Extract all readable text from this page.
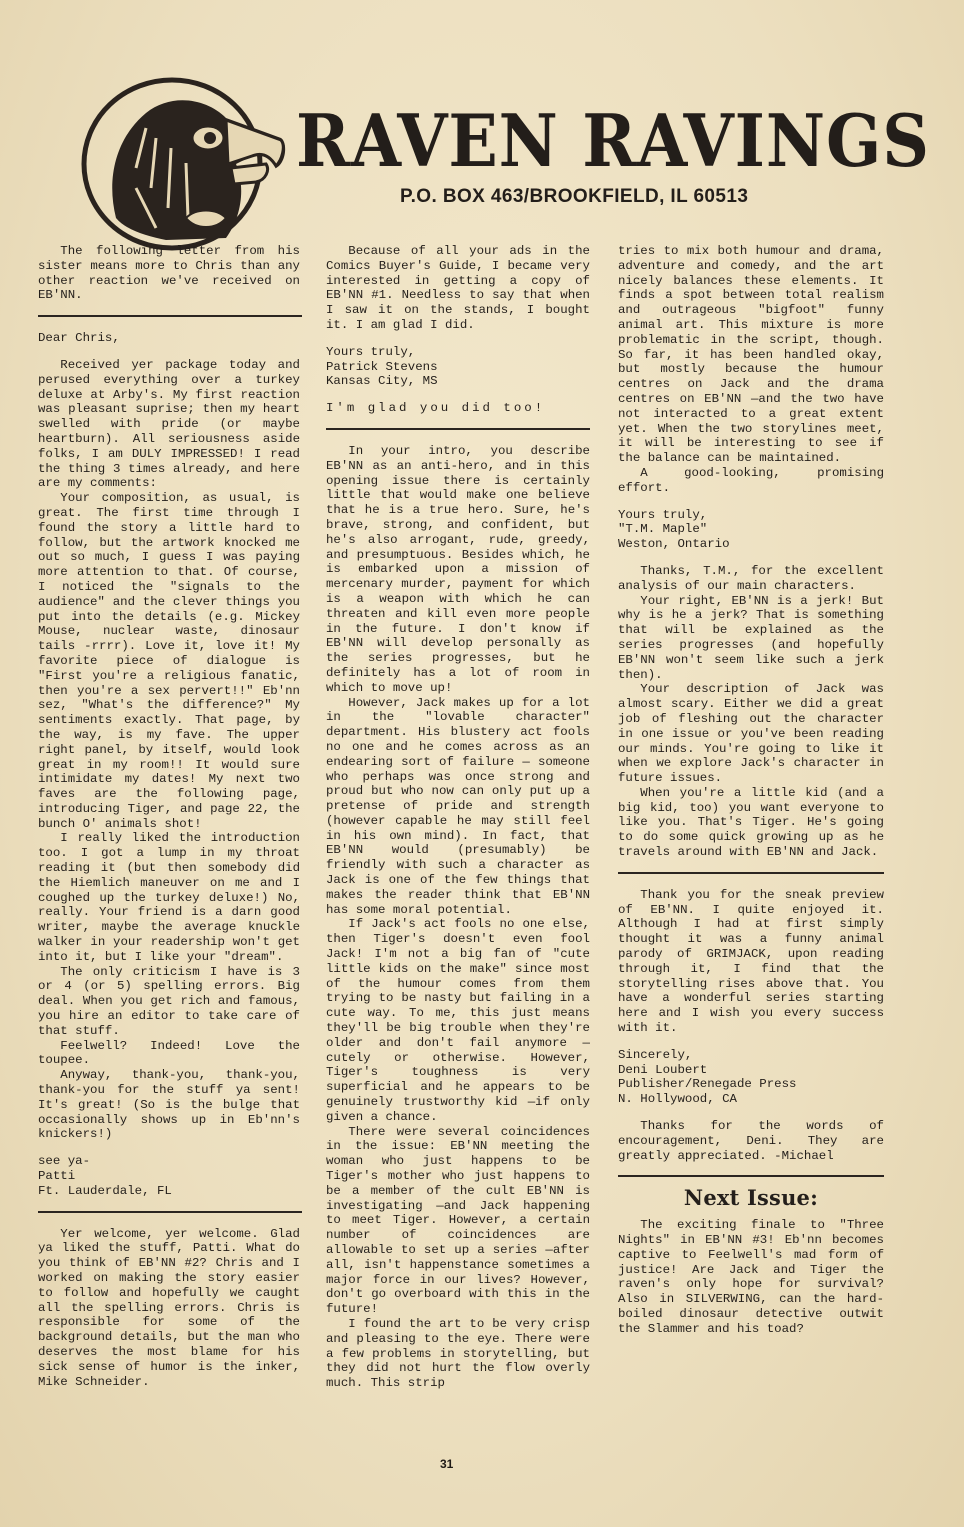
RAVEN RAVINGS
P.O. BOX 463/BROOKFIELD, IL 60513

The following letter from his sister means more to Chris than any other reaction we've received on EB'NN.

Dear Chris,

Received yer package today and perused everything over a turkey deluxe at Arby's. My first reaction was pleasant suprise; then my heart swelled with pride (or maybe heartburn). All seriousness aside folks, I am DULY IMPRESSED! I read the thing 3 times already, and here are my comments:

Your composition, as usual, is great. The first time through I found the story a little hard to follow, but the artwork knocked me out so much, I guess I was paying more attention to that. Of course, I noticed the "signals to the audience" and the clever things you put into the details (e.g. Mickey Mouse, nuclear waste, dinosaur tails -rrrr). Love it, love it! My favorite piece of dialogue is "First you're a religious fanatic, then you're a sex pervert!!" Eb'nn sez, "What's the difference?" My sentiments exactly. That page, by the way, is my fave. The upper right panel, by itself, would look great in my room!! It would sure intimidate my dates! My next two faves are the following page, introducing Tiger, and page 22, the bunch O' animals shot!

I really liked the introduction too. I got a lump in my throat reading it (but then somebody did the Hiemlich maneuver on me and I coughed up the turkey deluxe!) No, really. Your friend is a darn good writer, maybe the average knuckle walker in your readership won't get into it, but I like your "dream".

The only criticism I have is 3 or 4 (or 5) spelling errors. Big deal. When you get rich and famous, you hire an editor to take care of that stuff.

Feelwell? Indeed! Love the toupee.

Anyway, thank-you, thank-you, thank-you for the stuff ya sent! It's great! (So is the bulge that occasionally shows up in Eb'nn's knickers!)

see ya-
Patti
Ft. Lauderdale, FL

Yer welcome, yer welcome. Glad ya liked the stuff, Patti. What do you think of EB'NN #2? Chris and I worked on making the story easier to follow and hopefully we caught all the spelling errors. Chris is responsible for some of the background details, but the man who deserves the most blame for his sick sense of humor is the inker, Mike Schneider.

Because of all your ads in the Comics Buyer's Guide, I became very interested in getting a copy of EB'NN #1. Needless to say that when I saw it on the stands, I bought it. I am glad I did.

Yours truly,
Patrick Stevens
Kansas City, MS

I'm glad you did too!

In your intro, you describe EB'NN as an anti-hero, and in this opening issue there is certainly little that would make one believe that he is a true hero. Sure, he's brave, strong, and confident, but he's also arrogant, rude, greedy, and presumptuous. Besides which, he is embarked upon a mission of mercenary murder, payment for which is a weapon with which he can threaten and kill even more people in the future. I don't know if EB'NN will develop personally as the series progresses, but he definitely has a lot of room in which to move up!

However, Jack makes up for a lot in the "lovable character" department. His blustery act fools no one and he comes across as an endearing sort of failure — someone who perhaps was once strong and proud but who now can only put up a pretense of pride and strength (however capable he may still feel in his own mind). In fact, that EB'NN would (presumably) be friendly with such a character as Jack is one of the few things that makes the reader think that EB'NN has some moral potential.

If Jack's act fools no one else, then Tiger's doesn't even fool Jack! I'm not a big fan of "cute little kids on the make" since most of the humour comes from them trying to be nasty but failing in a cute way. To me, this just means they'll be big trouble when they're older and don't fail anymore — cutely or otherwise. However, Tiger's toughness is very superficial and he appears to be genuinely trustworthy kid —if only given a chance.

There were several coincidences in the issue: EB'NN meeting the woman who just happens to be Tiger's mother who just happens to be a member of the cult EB'NN is investigating —and Jack happening to meet Tiger. However, a certain number of coincidences are allowable to set up a series —after all, isn't happenstance sometimes a major force in our lives? However, don't go overboard with this in the future!

I found the art to be very crisp and pleasing to the eye. There were a few problems in storytelling, but they did not hurt the flow overly much. This strip

tries to mix both humour and drama, adventure and comedy, and the art nicely balances these elements. It finds a spot between total realism and outrageous "bigfoot" funny animal art. This mixture is more problematic in the script, though. So far, it has been handled okay, but mostly because the humour centres on Jack and the drama centres on EB'NN —and the two have not interacted to a great extent yet. When the two storylines meet, it will be interesting to see if the balance can be maintained.

A good-looking, promising effort.

Yours truly,
"T.M. Maple"
Weston, Ontario

Thanks, T.M., for the excellent analysis of our main characters.

Your right, EB'NN is a jerk! But why is he a jerk? That is something that will be explained as the series progresses (and hopefully EB'NN won't seem like such a jerk then).

Your description of Jack was almost scary. Either we did a great job of fleshing out the character in one issue or you've been reading our minds. You're going to like it when we explore Jack's character in future issues.

When you're a little kid (and a big kid, too) you want everyone to like you. That's Tiger. He's going to do some quick growing up as he travels around with EB'NN and Jack.

Thank you for the sneak preview of EB'NN. I quite enjoyed it. Although I had at first simply thought it was a funny animal parody of GRIMJACK, upon reading through it, I find that the storytelling rises above that. You have a wonderful series starting here and I wish you every success with it.

Sincerely,
Deni Loubert
Publisher/Renegade Press
N. Hollywood, CA

Thanks for the words of encouragement, Deni. They are greatly appreciated. -Michael

Next Issue:

The exciting finale to "Three Nights" in EB'NN #3! Eb'nn becomes captive to Feelwell's mad form of justice! Are Jack and Tiger the raven's only hope for survival? Also in SILVERWING, can the hard-boiled dinosaur detective outwit the Slammer and his toad?

31
